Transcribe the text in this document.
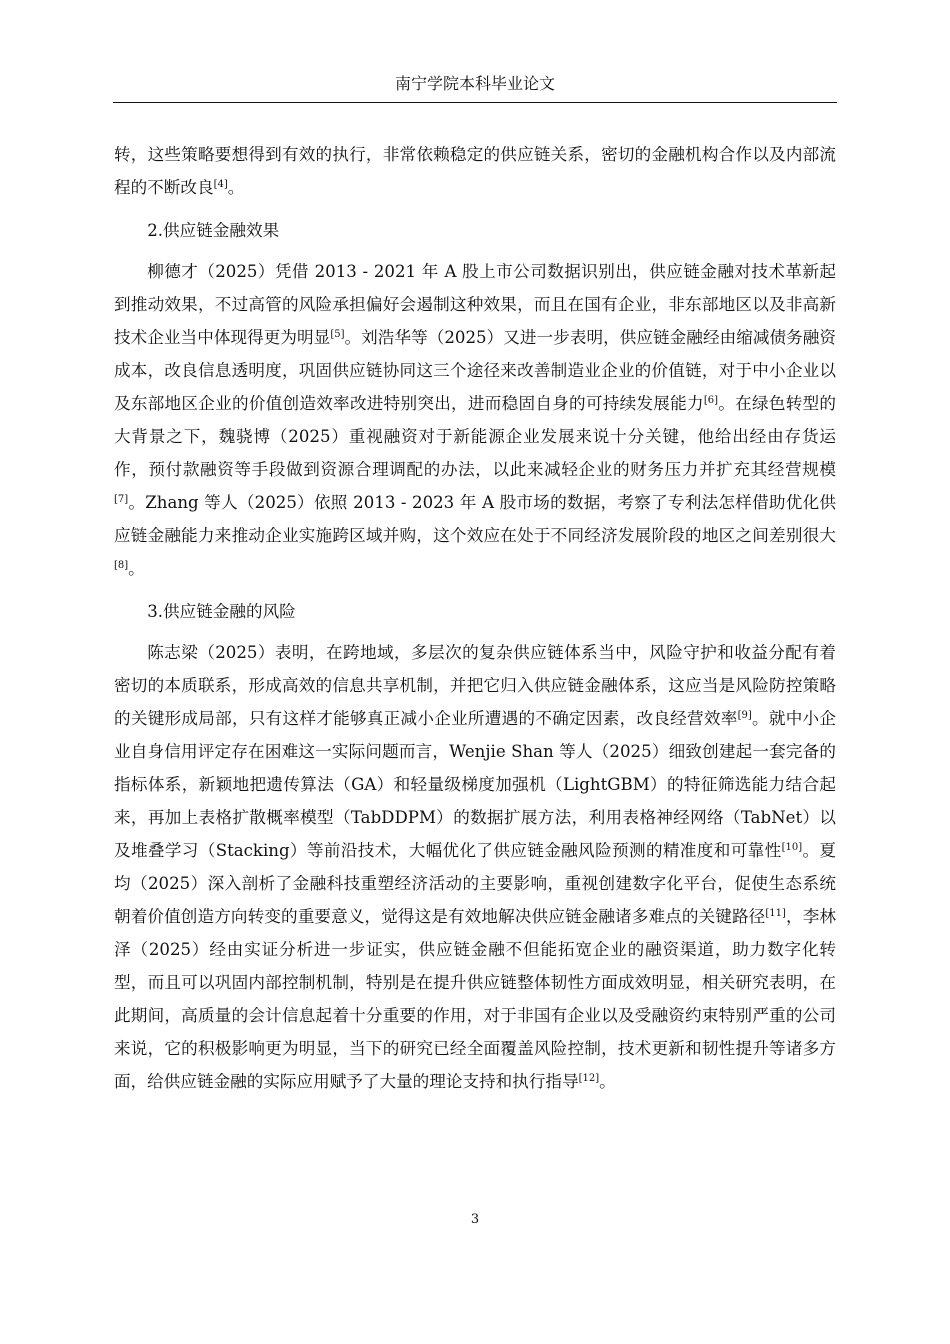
南宁学院本科毕业论文

转，这些策略要想得到有效的执行，非常依赖稳定的供应链关系，密切的金融机构合作以及内部流程的不断改良[4]。

2.供应链金融效果

柳德才（2025）凭借 2013 - 2021 年 A 股上市公司数据识别出，供应链金融对技术革新起到推动效果，不过高管的风险承担偏好会遏制这种效果，而且在国有企业，非东部地区以及非高新技术企业当中体现得更为明显[5]。刘浩华等（2025）又进一步表明，供应链金融经由缩减债务融资成本，改良信息透明度，巩固供应链协同这三个途径来改善制造业企业的价值链，对于中小企业以及东部地区企业的价值创造效率改进特别突出，进而稳固自身的可持续发展能力[6]。在绿色转型的大背景之下，魏骁博（2025）重视融资对于新能源企业发展来说十分关键，他给出经由存货运作，预付款融资等手段做到资源合理调配的办法，以此来减轻企业的财务压力并扩充其经营规模[7]。Zhang 等人（2025）依照 2013 - 2023 年 A 股市场的数据，考察了专利法怎样借助优化供应链金融能力来推动企业实施跨区域并购，这个效应在处于不同经济发展阶段的地区之间差别很大[8]。

3.供应链金融的风险

陈志梁（2025）表明，在跨地域，多层次的复杂供应链体系当中，风险守护和收益分配有着密切的本质联系，形成高效的信息共享机制，并把它归入供应链金融体系，这应当是风险防控策略的关键形成局部，只有这样才能够真正减小企业所遭遇的不确定因素，改良经营效率[9]。就中小企业自身信用评定存在困难这一实际问题而言，Wenjie Shan 等人（2025）细致创建起一套完备的指标体系，新颖地把遗传算法（GA）和轻量级梯度加强机（LightGBM）的特征筛选能力结合起来，再加上表格扩散概率模型（TabDDPM）的数据扩展方法，利用表格神经网络（TabNet）以及堆叠学习（Stacking）等前沿技术，大幅优化了供应链金融风险预测的精准度和可靠性[10]。夏均（2025）深入剖析了金融科技重塑经济活动的主要影响，重视创建数字化平台，促使生态系统朝着价值创造方向转变的重要意义，觉得这是有效地解决供应链金融诸多难点的关键路径[11]，李林泽（2025）经由实证分析进一步证实，供应链金融不但能拓宽企业的融资渠道，助力数字化转型，而且可以巩固内部控制机制，特别是在提升供应链整体韧性方面成效明显，相关研究表明，在此期间，高质量的会计信息起着十分重要的作用，对于非国有企业以及受融资约束特别严重的公司来说，它的积极影响更为明显，当下的研究已经全面覆盖风险控制，技术更新和韧性提升等诸多方面，给供应链金融的实际应用赋予了大量的理论支持和执行指导[12]。

3
